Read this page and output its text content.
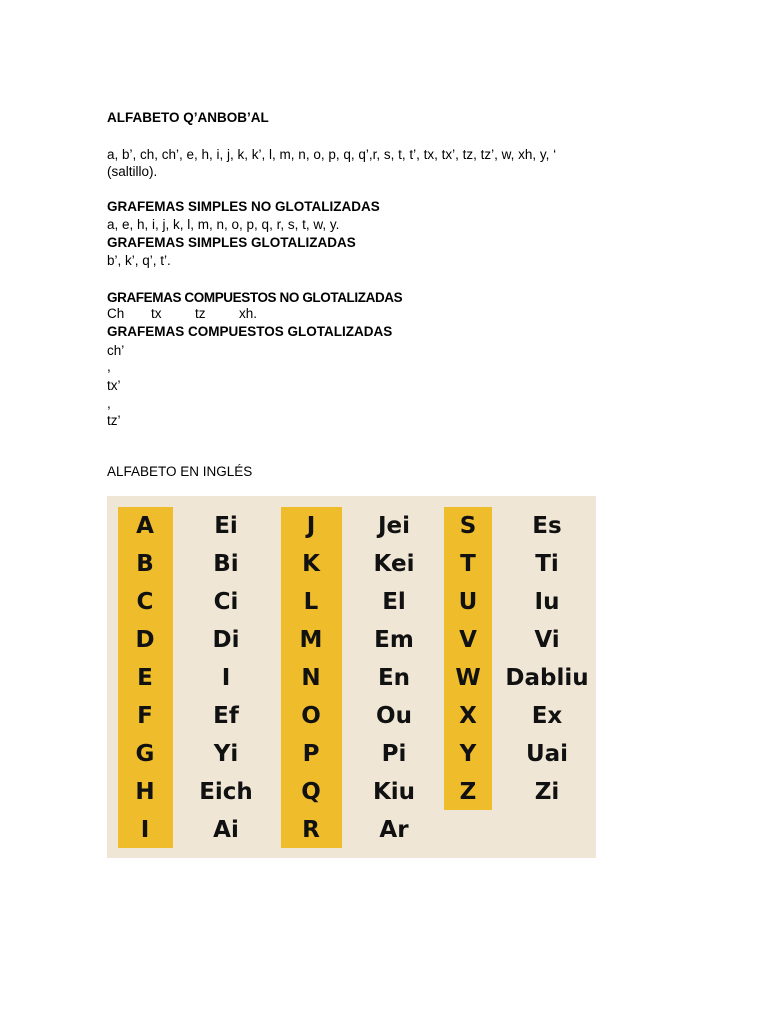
ALFABETO Q’ANBOB’AL
a, b’, ch, ch’, e, h, i, j, k, k’, l, m, n, o, p, q, q’,r, s, t, t’, tx, tx’, tz, tz’, w, xh, y, ‘
(saltillo).
GRAFEMAS SIMPLES NO GLOTALIZADAS
a, e, h, i, j, k, l, m, n, o, p, q, r, s, t, w, y.
GRAFEMAS SIMPLES GLOTALIZADAS
b’, k’, q’, t’.
GRAFEMAS COMPUESTOS NO GLOTALIZADAS
Ch tx tz xh.
GRAFEMAS COMPUESTOS GLOTALIZADAS
ch’
,
tx’
,
tz’
ALFABETO EN INGLÉS
A	Ei
B	Bi
C	Ci
D	Di
E	I
F	Ef
G	Yi
H	Eich
I	Ai
J	Jei
K	Kei
L	El
M	Em
N	En
O	Ou
P	Pi
Q	Kiu
R	Ar
S	Es
T	Ti
U	Iu
V	Vi
W	Dabliu
X	Ex
Y	Uai
Z	Zi
